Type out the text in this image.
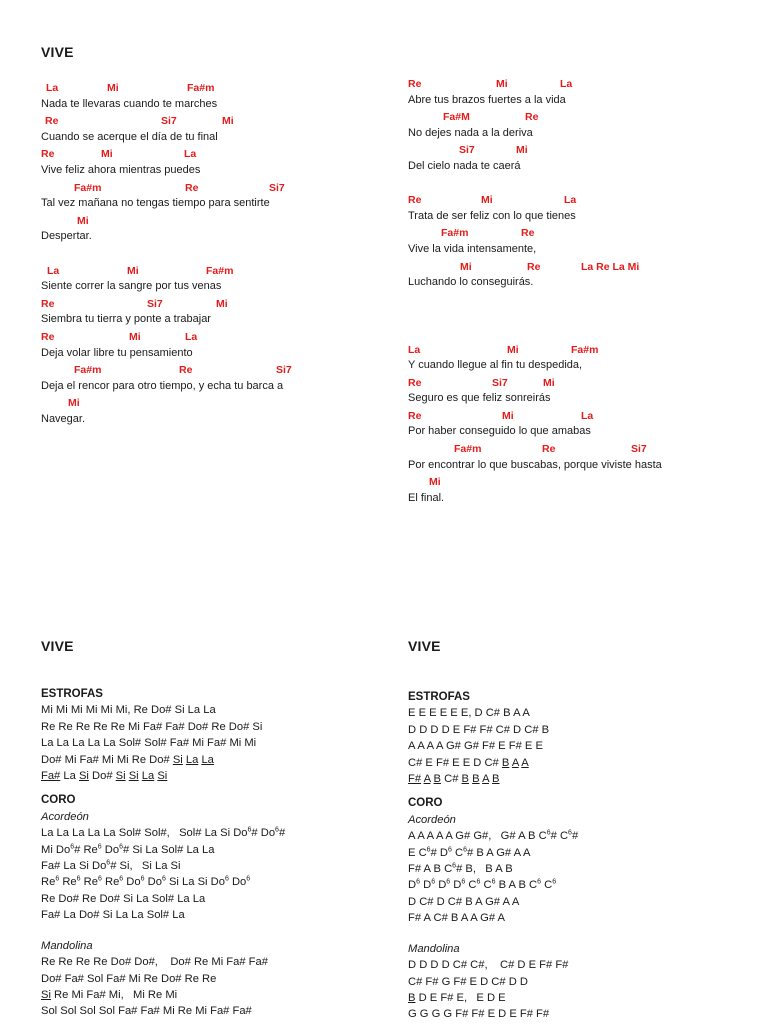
VIVE
La	Mi	Fa#m
Nada te llevaras cuando te marches
Re	Si7	Mi
Cuando se acerque el día de tu final
Re	Mi	La
Vive feliz ahora mientras puedes
Fa#m	Re	Si7
Tal vez mañana no tengas tiempo para sentirte
Mi
Despertar.
La	Mi	Fa#m
Siente correr la sangre por tus venas
Re	Si7	Mi
Siembra tu tierra y ponte a trabajar
Re	Mi	La
Deja volar libre tu pensamiento
Fa#m	Re	Si7
Deja el rencor para otro tiempo, y echa tu barca a
Mi
Navegar.
Re	Mi	La
Abre tus brazos fuertes a la vida
Fa#M	Re
No dejes nada a la deriva
Si7	Mi
Del cielo nada te caerá
Re	Mi	La
Trata de ser feliz con lo que tienes
Fa#m	Re
Vive la vida intensamente,
Mi	Re	La Re La Mi
Luchando lo conseguirás.
La	Mi	Fa#m
Y cuando llegue al fin tu despedida,
Re	Si7	Mi
Seguro es que feliz sonreirás
Re	Mi	La
Por haber conseguido lo que amabas
Fa#m	Re	Si7
Por encontrar lo que buscabas, porque viviste hasta
Mi
El final.
VIVE
ESTROFAS
Mi Mi Mi Mi Mi Mi, Re Do# Si La La
Re Re Re Re Re Mi Fa# Fa# Do# Re Do# Si
La La La La La Sol# Sol# Fa# Mi Fa# Mi Mi
Do# Mi Fa# Mi Mi Re Do# Si La La
Fa# La Si Do# Si Si La Si
CORO
Acordeón
La La La La La Sol# Sol#,   Sol# La Si Do$^6$# Do$^6$#
Mi Do$^6$# Re$^6$ Do$^6$# Si La Sol# La La
Fa# La Si Do$^6$# Si,   Si La Si
Re$^6$ Re$^6$ Re$^6$ Re$^6$ Do$^6$ Do$^6$ Si La Si Do$^6$ Do$^6$
Re Do# Re Do# Si La Sol# La La
Fa# La Do# Si La La Sol# La
Mandolina
Re Re Re Re Do# Do#,    Do# Re Mi Fa# Fa#
Do# Fa# Sol Fa# Mi Re Do# Re Re
Si Re Mi Fa# Mi,   Mi Re Mi
Sol Sol Sol Sol Fa# Fa# Mi Re Mi Fa# Fa#
VIVE
ESTROFAS
E E E E E E, D C# B A A
D D D D E F# F# C# D C# B
A A A A G# G# F# E F# E E
C# E F# E E D C# B A A
F# A B C# B B A B
CORO
Acordeón
A A A A A G# G#,   G# A B $C^6\#$ $C^6\#$
E $C^6\#$ $D^6$ $C^6\#$ B A G# A A
F# A B $C^6\#$ B,   B A B
$D^6$ $D^6$ $D^6$ $D^6$ $C^6$ $C^6$ B A B $C^6$ $C^6$
D C# D C# B A G# A A
F# A C# B A A G# A
Mandolina
D D D D C# C#,    C# D E F# F#
C# F# G F# E D C# D D
B D E F# E,   E D E
G G G G F# F# E D E F# F#
